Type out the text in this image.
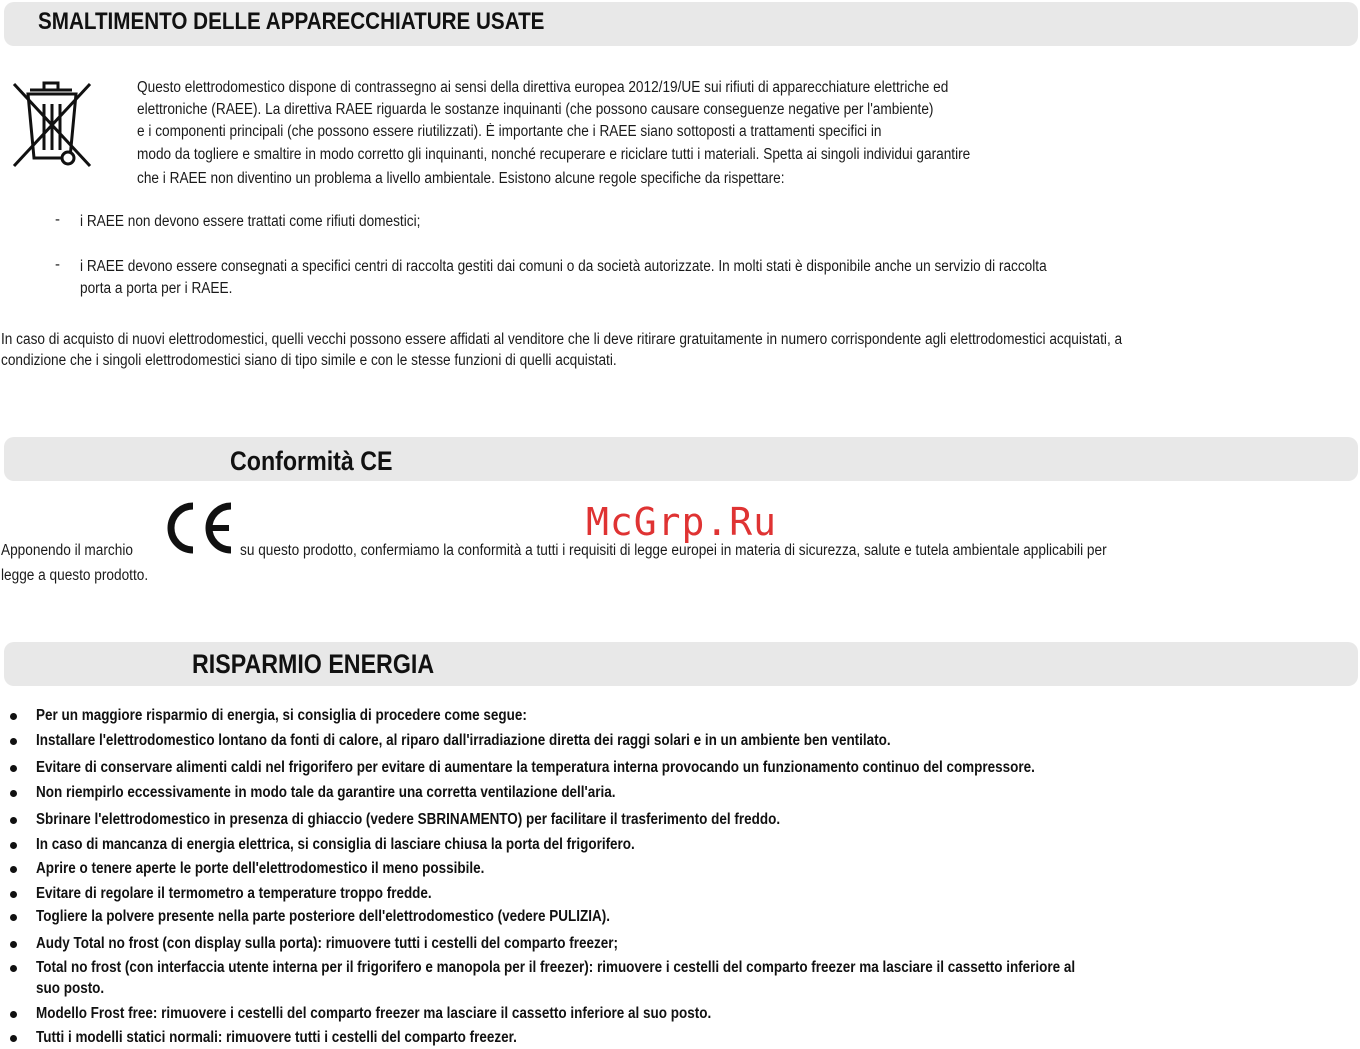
SMALTIMENTO DELLE APPARECCHIATURE USATE
Questo elettrodomestico dispone di contrassegno ai sensi della direttiva europea 2012/19/UE sui rifiuti di apparecchiature elettriche ed
elettroniche (RAEE). La direttiva RAEE riguarda le sostanze inquinanti (che possono causare conseguenze negative per l'ambiente)
e i componenti principali (che possono essere riutilizzati). È importante che i RAEE siano sottoposti a trattamenti specifici in
modo da togliere e smaltire in modo corretto gli inquinanti, nonché recuperare e riciclare tutti i materiali. Spetta ai singoli individui garantire
che i RAEE non diventino un problema a livello ambientale. Esistono alcune regole specifiche da rispettare:
- i RAEE non devono essere trattati come rifiuti domestici;
- i RAEE devono essere consegnati a specifici centri di raccolta gestiti dai comuni o da società autorizzate. In molti stati è disponibile anche un servizio di raccolta
porta a porta per i RAEE.
In caso di acquisto di nuovi elettrodomestici, quelli vecchi possono essere affidati al venditore che li deve ritirare gratuitamente in numero corrispondente agli elettrodomestici acquistati, a
condizione che i singoli elettrodomestici siano di tipo simile e con le stesse funzioni di quelli acquistati.
Conformità CE
Apponendo il marchio	su questo prodotto, confermiamo la conformità a tutti i requisiti di legge europei in materia di sicurezza, salute e tutela ambientale applicabili per
legge a questo prodotto.
McGrp.Ru
RISPARMIO ENERGIA
Per un maggiore risparmio di energia, si consiglia di procedere come segue:
Installare l'elettrodomestico lontano da fonti di calore, al riparo dall'irradiazione diretta dei raggi solari e in un ambiente ben ventilato.
Evitare di conservare alimenti caldi nel frigorifero per evitare di aumentare la temperatura interna provocando un funzionamento continuo del compressore.
Non riempirlo eccessivamente in modo tale da garantire una corretta ventilazione dell'aria.
Sbrinare l'elettrodomestico in presenza di ghiaccio (vedere SBRINAMENTO) per facilitare il trasferimento del freddo.
In caso di mancanza di energia elettrica, si consiglia di lasciare chiusa la porta del frigorifero.
Aprire o tenere aperte le porte dell'elettrodomestico il meno possibile.
Evitare di regolare il termometro a temperature troppo fredde.
Togliere la polvere presente nella parte posteriore dell'elettrodomestico (vedere PULIZIA).
Audy Total no frost (con display sulla porta): rimuovere tutti i cestelli del comparto freezer;
Total no frost (con interfaccia utente interna per il frigorifero e manopola per il freezer): rimuovere i cestelli del comparto freezer ma lasciare il cassetto inferiore al
suo posto.
Modello Frost free: rimuovere i cestelli del comparto freezer ma lasciare il cassetto inferiore al suo posto.
Tutti i modelli statici normali: rimuovere tutti i cestelli del comparto freezer.
